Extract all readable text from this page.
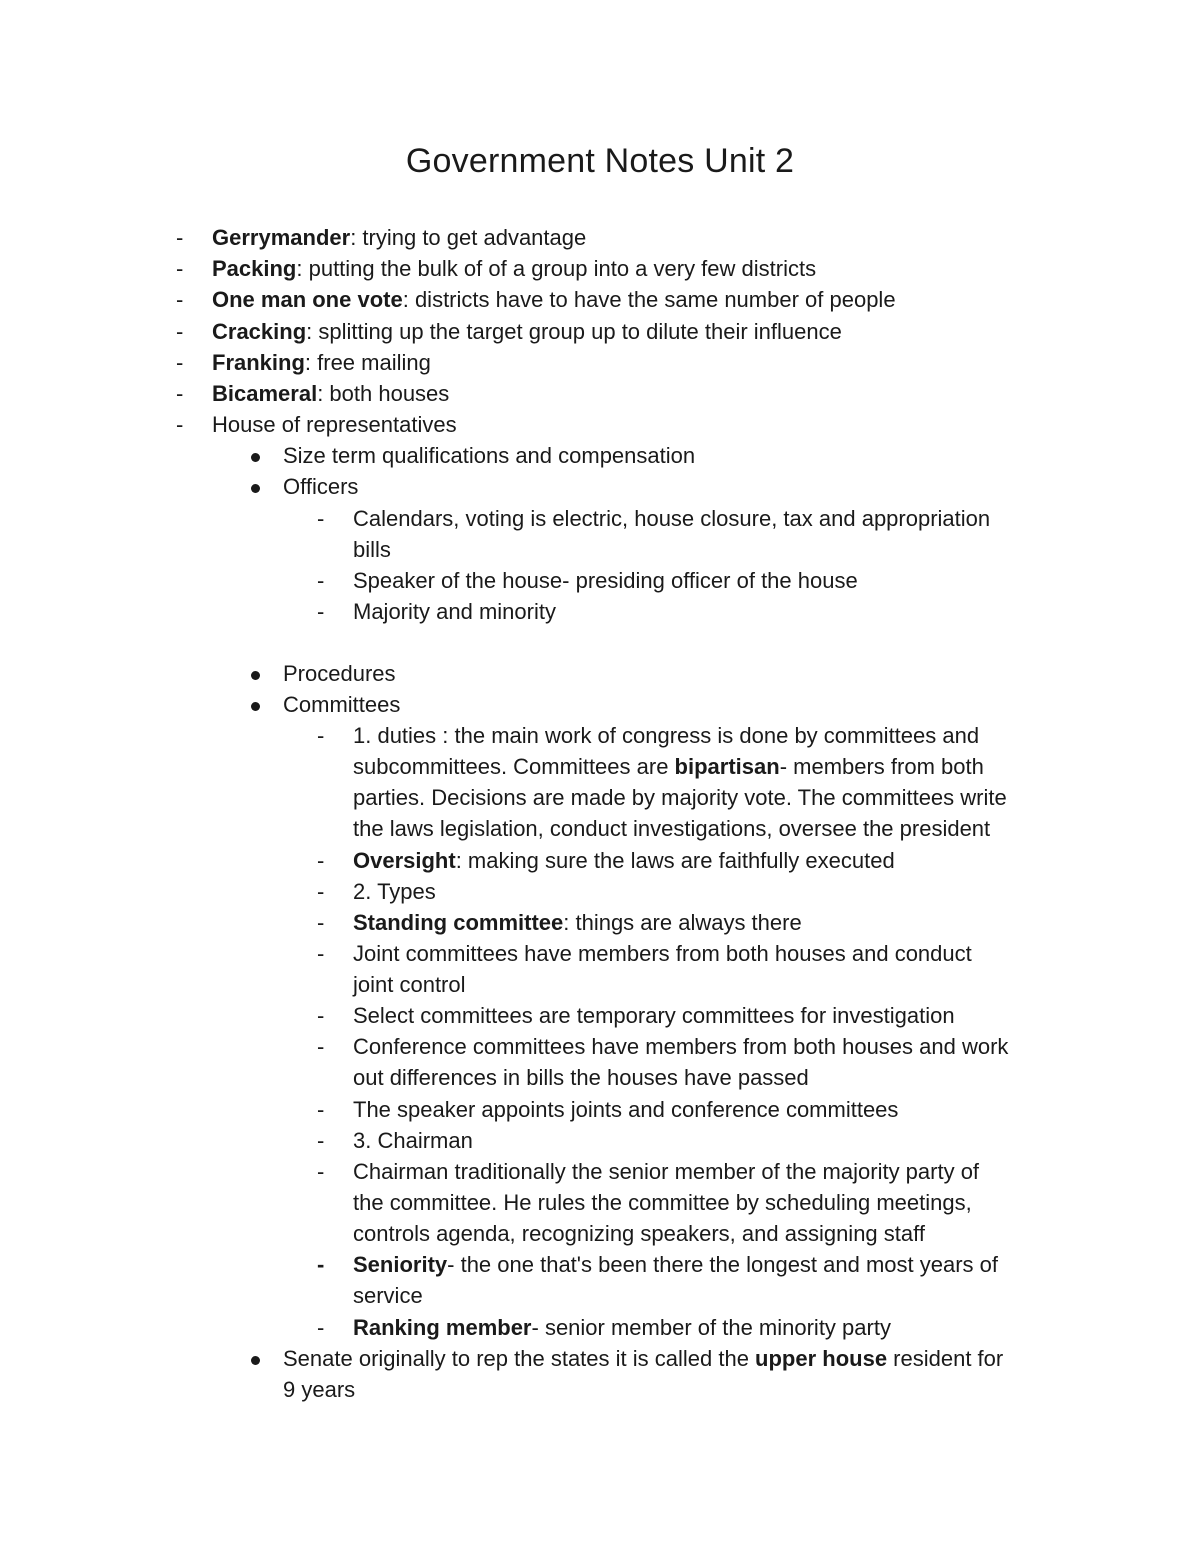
Government Notes Unit 2
- Gerrymander: trying to get advantage
- Packing: putting the bulk of of a group into a very few districts
- One man one vote: districts have to have the same number of people
- Cracking: splitting up the target group up to dilute their influence
- Franking: free mailing
- Bicameral: both houses
- House of representatives
Size term qualifications and compensation
Officers
- Calendars, voting is electric, house closure, tax and appropriation
bills
- Speaker of the house- presiding officer of the house
- Majority and minority
Procedures
Committees
- 1. duties : the main work of congress is done by committees and
subcommittees. Committees are bipartisan- members from both
parties. Decisions are made by majority vote. The committees write
the laws legislation, conduct investigations, oversee the president
- Oversight: making sure the laws are faithfully executed
- 2. Types
- Standing committee: things are always there
- Joint committees have members from both houses and conduct
joint control
- Select committees are temporary committees for investigation
- Conference committees have members from both houses and work
out differences in bills the houses have passed
- The speaker appoints joints and conference committees
- 3. Chairman
- Chairman traditionally the senior member of the majority party of
the committee. He rules the committee by scheduling meetings,
controls agenda, recognizing speakers, and assigning staff
- Seniority- the one that's been there the longest and most years of
service
- Ranking member- senior member of the minority party
Senate originally to rep the states it is called the upper house resident for
9 years
